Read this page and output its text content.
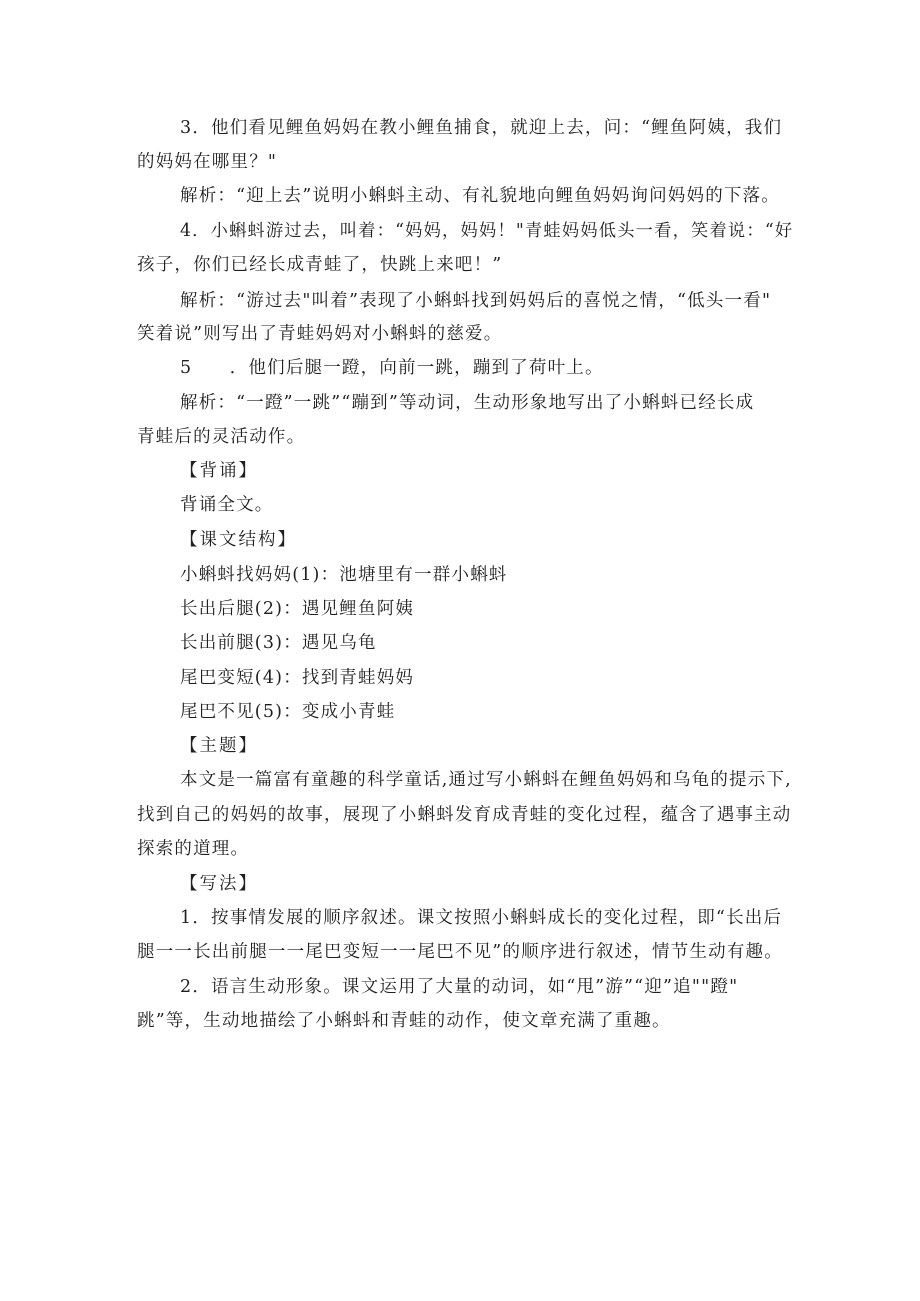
3．他们看见鲤鱼妈妈在教小鲤鱼捕食，就迎上去，问：“鲤鱼阿姨，我们
的妈妈在哪里？"
解析：“迎上去”说明小蝌蚪主动、有礼貌地向鲤鱼妈妈询问妈妈的下落。
4．小蝌蚪游过去，叫着：“妈妈，妈妈！"青蛙妈妈低头一看，笑着说：“好
孩子，你们已经长成青蛙了，快跳上来吧！”
解析：“游过去"叫着”表现了小蝌蚪找到妈妈后的喜悦之情，“低头一看"
笑着说”则写出了青蛙妈妈对小蝌蚪的慈爱。
5　　．他们后腿一蹬，向前一跳，蹦到了荷叶上。
解析：“一蹬”一跳”“蹦到”等动词，生动形象地写出了小蝌蚪已经长成
青蛙后的灵活动作。
【背诵】
背诵全文。
【课文结构】
小蝌蚪找妈妈(1)：池塘里有一群小蝌蚪
长出后腿(2)：遇见鲤鱼阿姨
长出前腿(3)：遇见乌龟
尾巴变短(4)：找到青蛙妈妈
尾巴不见(5)：变成小青蛙
【主题】
本文是一篇富有童趣的科学童话,通过写小蝌蚪在鲤鱼妈妈和乌龟的提示下,
找到自己的妈妈的故事，展现了小蝌蚪发育成青蛙的变化过程，蕴含了遇事主动
探索的道理。
【写法】
1．按事情发展的顺序叙述。课文按照小蝌蚪成长的变化过程，即“长出后
腿一一长出前腿一一尾巴变短一一尾巴不见”的顺序进行叙述，情节生动有趣。
2．语言生动形象。课文运用了大量的动词，如“甩”游”“迎”追""蹬"
跳”等，生动地描绘了小蝌蚪和青蛙的动作，使文章充满了重趣。
